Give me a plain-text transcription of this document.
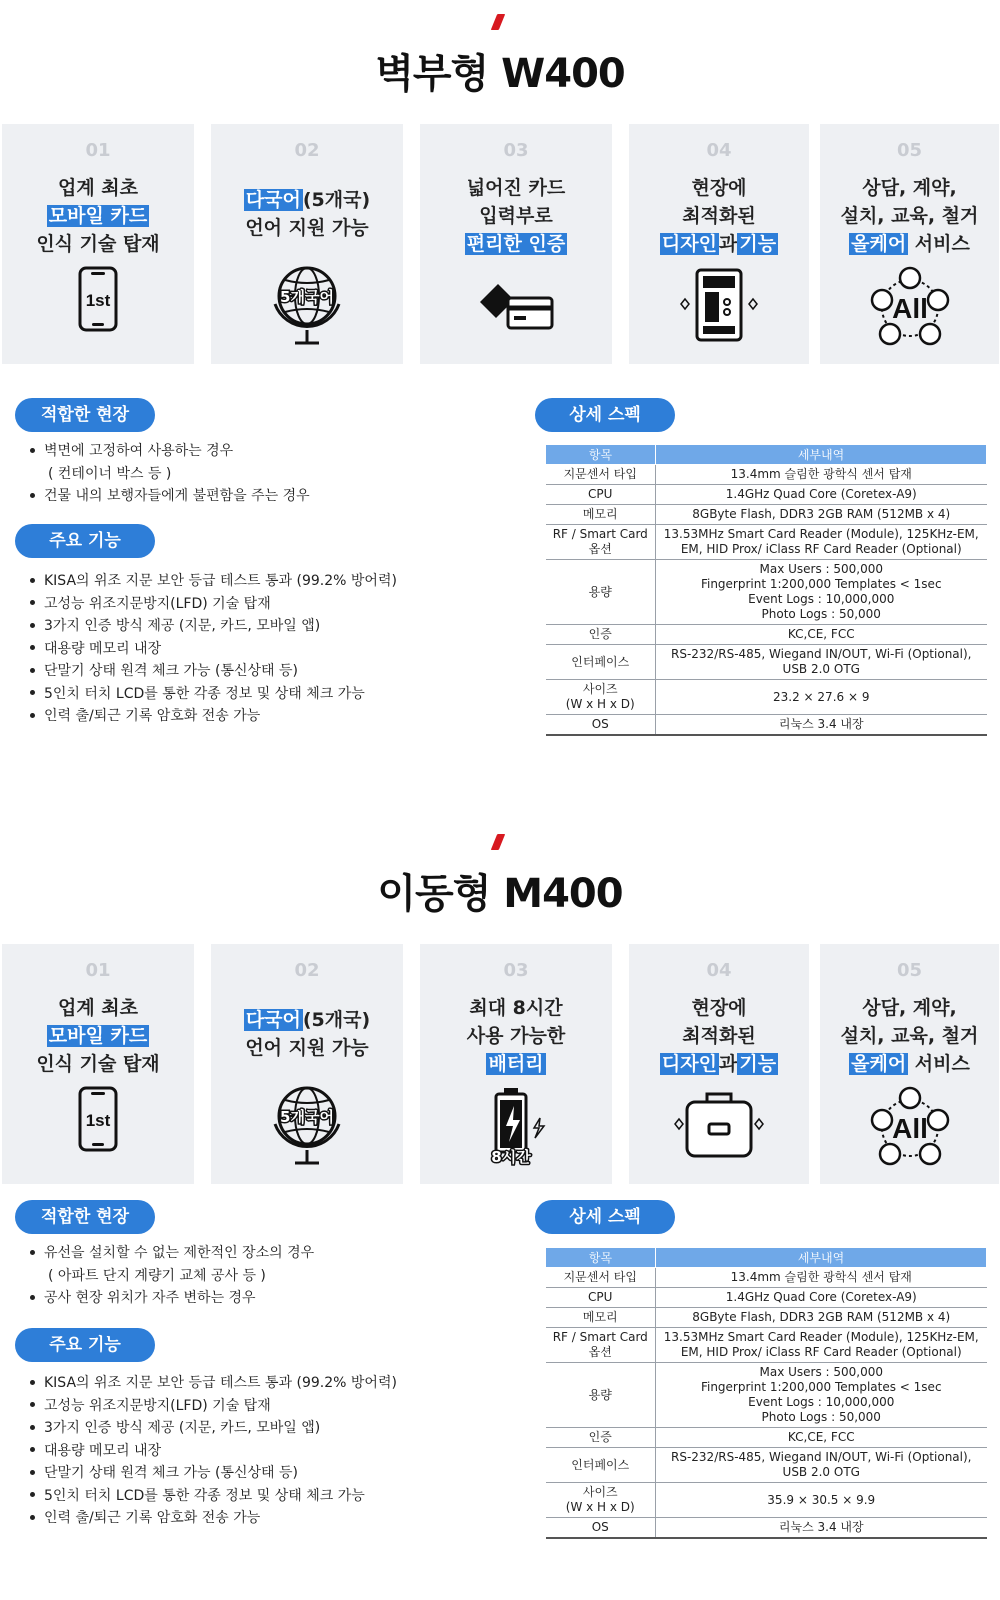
벽부형 W400
01
업계 최초
모바일 카드
인식 기술 탑재
1st
02
다국어 (5개국)
언어 지원 가능
5개국어
03
넓어진 카드
입력부로
편리한 인증
04
현장에
최적화된
디자인 과 기능
05
상담, 계약,
설치, 교육, 철거
올케어 서비스
All
적합한 현장
벽면에 고정하여 사용하는 경우
( 컨테이너 박스 등 )
건물 내의 보행자들에게 불편함을 주는 경우
주요 기능
KISA의 위조 지문 보안 등급 테스트 통과 (99.2% 방어력)
고성능 위조지문방지(LFD) 기술 탑재
3가지 인증 방식 제공 (지문, 카드, 모바일 앱)
대용량 메모리 내장
단말기 상태 원격 체크 가능 (통신상태 등)
5인치 터치 LCD를 통한 각종 정보 및 상태 체크 가능
인력 출/퇴근 기록 암호화 전송 가능
상세 스펙
항목	세부내역
지문센서 타입	13.4mm 슬림한 광학식 센서 탑재
CPU	1.4GHz Quad Core (Coretex-A9)
메모리	8GByte Flash, DDR3 2GB RAM (512MB x 4)
RF / Smart Card
옵션	13.53MHz Smart Card Reader (Module), 125KHz-EM,
EM, HID Prox/ iClass RF Card Reader (Optional)
용량	Max Users : 500,000
Fingerprint 1:200,000 Templates < 1sec
Event Logs : 10,000,000
Photo Logs : 50,000
인증	KC,CE, FCC
인터페이스	RS-232/RS-485, Wiegand IN/OUT, Wi-Fi (Optional),
USB 2.0 OTG
사이즈
(W x H x D)	23.2 × 27.6 × 9
OS	리눅스 3.4 내장
이동형 M400
01
업계 최초
모바일 카드
인식 기술 탑재
1st
02
다국어 (5개국)
언어 지원 가능
5개국어
03
최대 8시간
사용 가능한
배터리
8시간
04
현장에
최적화된
디자인 과 기능
05
상담, 계약,
설치, 교육, 철거
올케어 서비스
All
적합한 현장
유선을 설치할 수 없는 제한적인 장소의 경우
( 아파트 단지 계량기 교체 공사 등 )
공사 현장 위치가 자주 변하는 경우
주요 기능
KISA의 위조 지문 보안 등급 테스트 통과 (99.2% 방어력)
고성능 위조지문방지(LFD) 기술 탑재
3가지 인증 방식 제공 (지문, 카드, 모바일 앱)
대용량 메모리 내장
단말기 상태 원격 체크 가능 (통신상태 등)
5인치 터치 LCD를 통한 각종 정보 및 상태 체크 가능
인력 출/퇴근 기록 암호화 전송 가능
상세 스펙
항목	세부내역
지문센서 타입	13.4mm 슬림한 광학식 센서 탑재
CPU	1.4GHz Quad Core (Coretex-A9)
메모리	8GByte Flash, DDR3 2GB RAM (512MB x 4)
RF / Smart Card
옵션	13.53MHz Smart Card Reader (Module), 125KHz-EM,
EM, HID Prox/ iClass RF Card Reader (Optional)
용량	Max Users : 500,000
Fingerprint 1:200,000 Templates < 1sec
Event Logs : 10,000,000
Photo Logs : 50,000
인증	KC,CE, FCC
인터페이스	RS-232/RS-485, Wiegand IN/OUT, Wi-Fi (Optional),
USB 2.0 OTG
사이즈
(W x H x D)	35.9 × 30.5 × 9.9
OS	리눅스 3.4 내장
